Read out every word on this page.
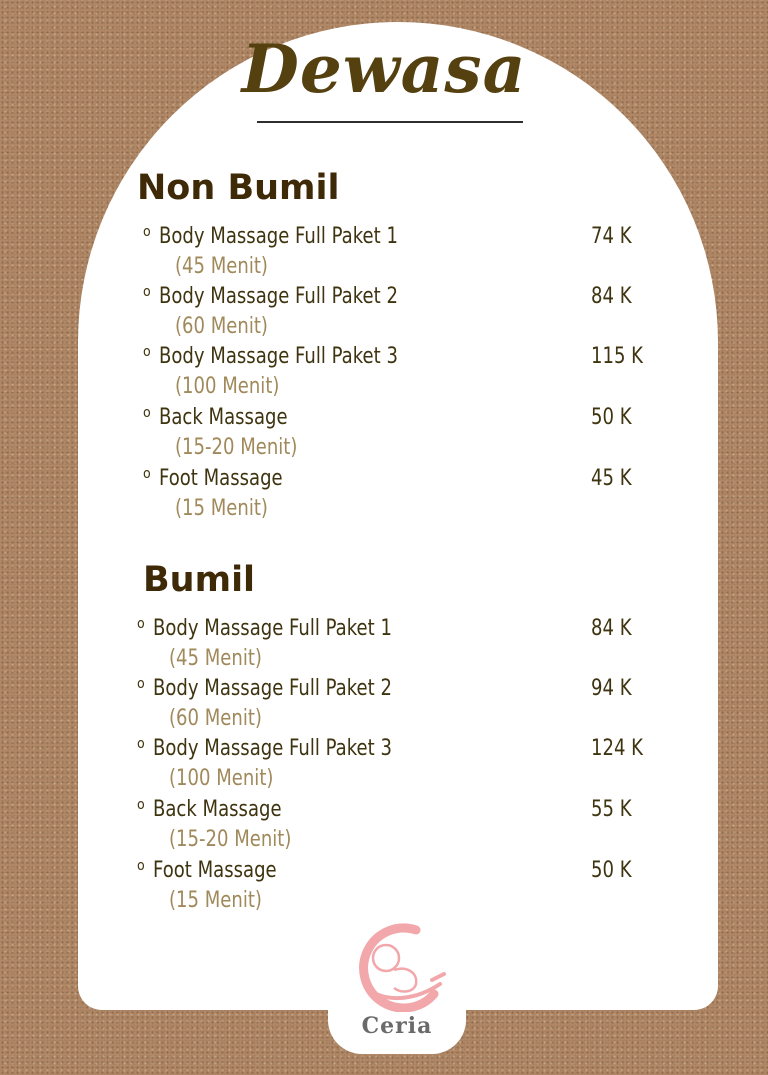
Dewasa
Non Bumil
o Body Massage Full Paket 1
(45 Menit)
74 K
o Body Massage Full Paket 2
(60 Menit)
84 K
o Body Massage Full Paket 3
(100 Menit)
115 K
o Back Massage
(15-20 Menit)
50 K
o Foot Massage
(15 Menit)
45 K
Bumil
o Body Massage Full Paket 1
(45 Menit)
84 K
o Body Massage Full Paket 2
(60 Menit)
94 K
o Body Massage Full Paket 3
(100 Menit)
124 K
o Back Massage
(15-20 Menit)
55 K
o Foot Massage
(15 Menit)
50 K
Ceria
